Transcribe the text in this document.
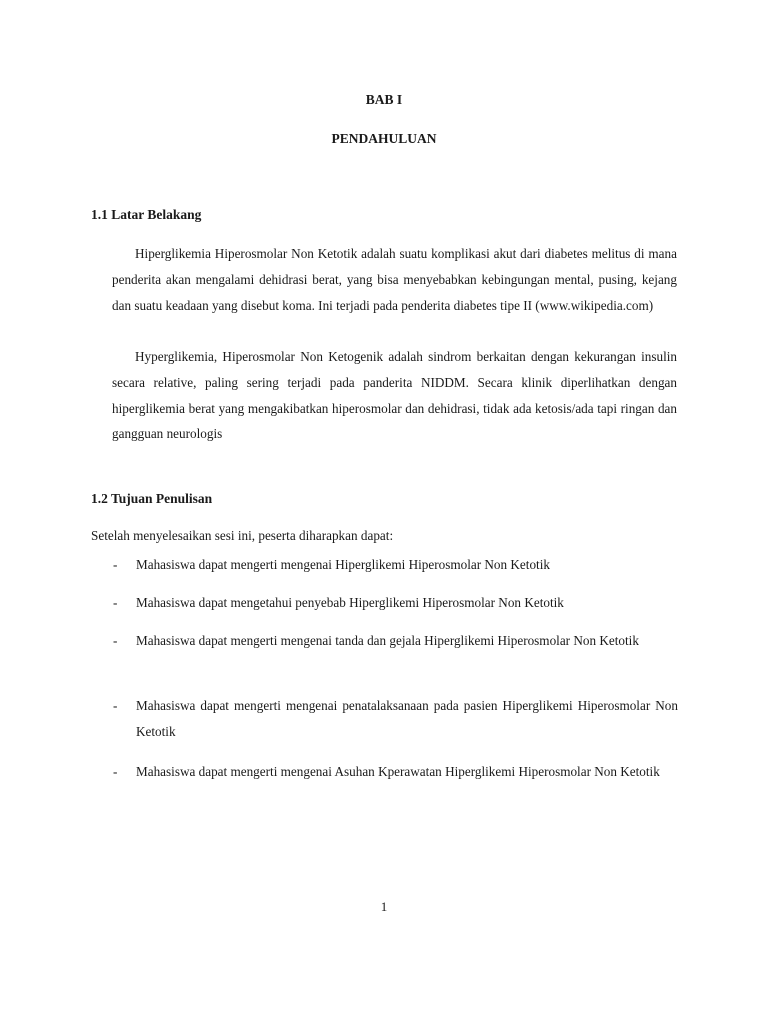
BAB I
PENDAHULUAN
1.1 Latar Belakang

Hiperglikemia Hiperosmolar Non Ketotik adalah suatu komplikasi akut dari diabetes melitus di mana penderita akan mengalami dehidrasi berat, yang bisa menyebabkan kebingungan mental, pusing, kejang dan suatu keadaan yang disebut koma. Ini terjadi pada penderita diabetes tipe II (www.wikipedia.com)

Hyperglikemia, Hiperosmolar Non Ketogenik adalah sindrom berkaitan dengan kekurangan insulin secara relative, paling sering terjadi pada panderita NIDDM. Secara klinik diperlihatkan dengan hiperglikemia berat yang mengakibatkan hiperosmolar dan dehidrasi, tidak ada ketosis/ada tapi ringan dan gangguan neurologis

1.2 Tujuan Penulisan

Setelah menyelesaikan sesi ini, peserta diharapkan dapat:

- Mahasiswa dapat mengerti mengenai Hiperglikemi Hiperosmolar Non Ketotik
- Mahasiswa dapat mengetahui penyebab Hiperglikemi Hiperosmolar Non Ketotik
- Mahasiswa dapat mengerti mengenai tanda dan gejala Hiperglikemi Hiperosmolar Non Ketotik
- Mahasiswa dapat mengerti mengenai penatalaksanaan pada pasien Hiperglikemi Hiperosmolar Non Ketotik
- Mahasiswa dapat mengerti mengenai Asuhan Kperawatan Hiperglikemi Hiperosmolar Non Ketotik
1
